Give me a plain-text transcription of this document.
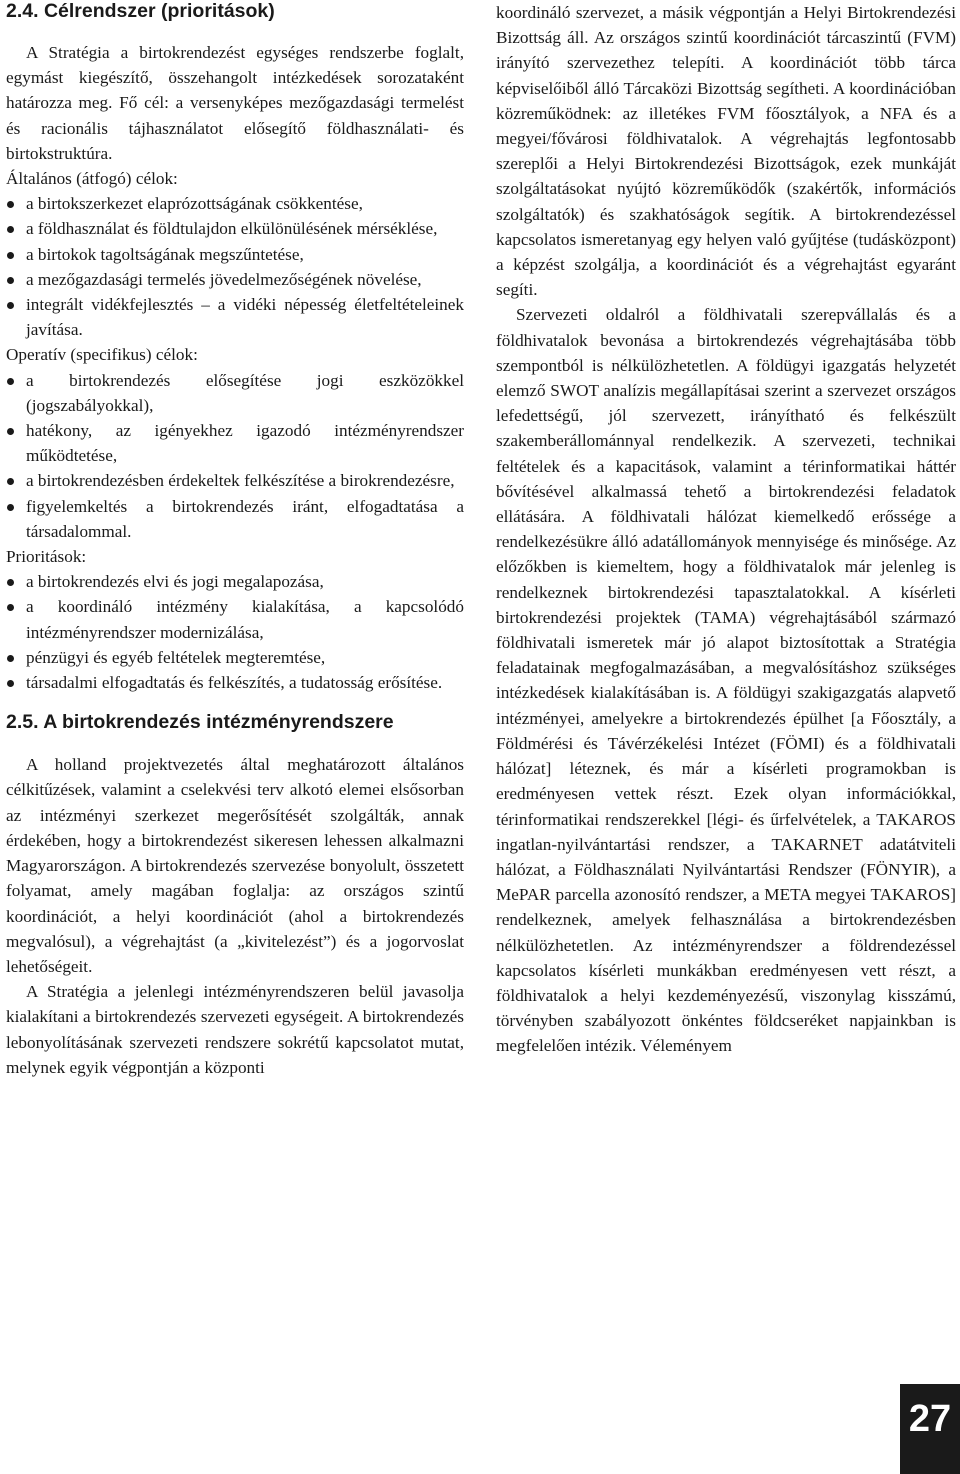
2.4. Célrendszer (prioritások)

A Stratégia a birtokrendezést egységes rendszerbe foglalt, egymást kiegészítő, összehangolt intézkedések sorozataként határozza meg. Fő cél: a versenyképes mezőgazdasági termelést és racionális tájhasználatot elősegítő földhasználati- és birtokstruktúra.

Általános (átfogó) célok:
a birtokszerkezet elaprózottságának csökkentése,
a földhasználat és földtulajdon elkülönülésének mérséklése,
a birtokok tagoltságának megszűntetése,
a mezőgazdasági termelés jövedelmezőségének növelése,
integrált vidékfejlesztés – a vidéki népesség életfeltételeinek javítása.
Operatív (specifikus) célok:
a birtokrendezés elősegítése jogi eszközökkel (jogszabályokkal),
hatékony, az igényekhez igazodó intézményrendszer működtetése,
a birtokrendezésben érdekeltek felkészítése a birokrendezésre,
figyelemkeltés a birtokrendezés iránt, elfogadtatása a társadalommal.
Prioritások:
a birtokrendezés elvi és jogi megalapozása,
a koordináló intézmény kialakítása, a kapcsolódó intézményrendszer modernizálása,
pénzügyi és egyéb feltételek megteremtése,
társadalmi elfogadtatás és felkészítés, a tudatosság erősítése.
2.5. A birtokrendezés intézményrendszere

A holland projektvezetés által meghatározott általános célkitűzések, valamint a cselekvési terv alkotó elemei elsősorban az intézményi szerkezet megerősítését szolgálták, annak érdekében, hogy a birtokrendezést sikeresen lehessen alkalmazni Magyarországon. A birtokrendezés szervezése bonyolult, összetett folyamat, amely magában foglalja: az országos szintű koordinációt, a helyi koordinációt (ahol a birtokrendezés megvalósul), a végrehajtást (a „kivitelezést”) és a jogorvoslat lehetőségeit.

A Stratégia a jelenlegi intézményrendszeren belül javasolja kialakítani a birtokrendezés szervezeti egységeit. A birtokrendezés lebonyolításának szervezeti rendszere sokrétű kapcsolatot mutat, melynek egyik végpontján a központi

koordináló szervezet, a másik végpontján a Helyi Birtokrendezési Bizottság áll. Az országos szintű koordinációt tárcaszintű (FVM) irányító szervezethez telepíti. A koordinációt több tárca képviselőiből álló Tárcaközi Bizottság segítheti. A koordinációban közreműködnek: az illetékes FVM főosztályok, a NFA és a megyei/fővárosi földhivatalok. A végrehajtás legfontosabb szereplői a Helyi Birtokrendezési Bizottságok, ezek munkáját szolgáltatásokat nyújtó közreműködők (szakértők, információs szolgáltatók) és szakhatóságok segítik. A birtokrendezéssel kapcsolatos ismeretanyag egy helyen való gyűjtése (tudásközpont) a képzést szolgálja, a koordinációt és a végrehajtást egyaránt segíti.

Szervezeti oldalról a földhivatali szerepvállalás és a földhivatalok bevonása a birtokrendezés végrehajtásába több szempontból is nélkülözhetetlen. A földügyi igazgatás helyzetét elemző SWOT analízis megállapításai szerint a szervezet országos lefedettségű, jól szervezett, irányítható és felkészült szakemberállománnyal rendelkezik. A szervezeti, technikai feltételek és a kapacitások, valamint a térinformatikai háttér bővítésével alkalmassá tehető a birtokrendezési feladatok ellátására. A földhivatali hálózat kiemelkedő erőssége a rendelkezésükre álló adatállományok mennyisége és minősége. Az előzőkben is kiemeltem, hogy a földhivatalok már jelenleg is rendelkeznek birtokrendezési tapasztalatokkal. A kísérleti birtokrendezési projektek (TAMA) végrehajtásából származó földhivatali ismeretek már jó alapot biztosítottak a Stratégia feladatainak megfogalmazásában, a megvalósításhoz szükséges intézkedések kialakításában is. A földügyi szakigazgatás alapvető intézményei, amelyekre a birtokrendezés épülhet [a Főosztály, a Földmérési és Távérzékelési Intézet (FÖMI) és a földhivatali hálózat] léteznek, és már a kísérleti programokban is eredményesen vettek részt. Ezek olyan információkkal, térinformatikai rendszerekkel [légi- és űrfelvételek, a TAKAROS ingatlan-nyilvántartási rendszer, a TAKARNET adatátviteli hálózat, a Földhasználati Nyilvántartási Rendszer (FÖNYIR), a MePAR parcella azonosító rendszer, a META megyei TAKAROS] rendelkeznek, amelyek felhasználása a birtokrendezésben nélkülözhetetlen. Az intézményrendszer a földrendezéssel kapcsolatos kísérleti munkákban eredményesen vett részt, a földhivatalok a helyi kezdeményezésű, viszonylag kisszámú, törvényben szabályozott önkéntes földcseréket napjainkban is megfelelően intézik. Véleményem

27
